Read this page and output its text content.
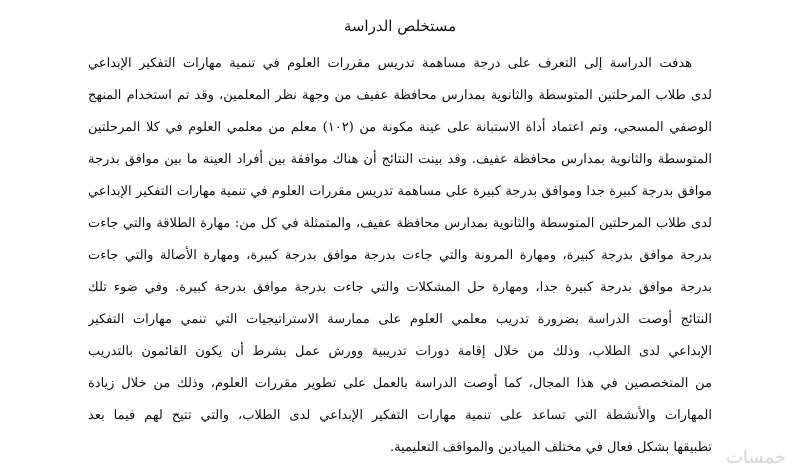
مستخلص الدراسة
هدفت الدراسة إلى التعرف على درجة مساهمة تدريس مقررات العلوم في تنمية مهارات التفكير الإبداعي
لدى طلاب المرحلتين المتوسطة والثانوية بمدارس محافظة عفيف من وجهة نظر المعلمين، وقد تم استخدام المنهج
الوصفي المسحي، وتم اعتماد أداة الاستبانة على عينة مكونة من (١٠٢) معلم من معلمي العلوم في كلا المرحلتين
المتوسطة والثانوية بمدارس محافظة عفيف. وقد بينت النتائج أن هناك موافقة بين أفراد العينة ما بين موافق بدرجة
موافق بدرجة كبيرة جدا وموافق بدرجة كبيرة على مساهمة تدريس مقررات العلوم في تنمية مهارات التفكير الإبداعي
لدى طلاب المرحلتين المتوسطة والثانوية بمدارس محافظة عفيف، والمتمثلة في كل من: مهارة الطلاقة والتي جاءت
بدرجة موافق بدرجة كبيرة، ومهارة المرونة والتي جاءت بدرجة موافق بدرجة كبيرة، ومهارة الأصالة والتي جاءت
بدرجة موافق بدرجة كبيرة جدا، ومهارة حل المشكلات والتي جاءت بدرجة موافق بدرجة كبيرة. وفي ضوء تلك
النتائج أوصت الدراسة بضرورة تدريب معلمي العلوم على ممارسة الاستراتيجيات التي تنمي مهارات التفكير
الإبداعي لدى الطلاب، وذلك من خلال إقامة دورات تدريبية وورش عمل بشرط أن يكون القائمون بالتدريب
من المتخصصين في هذا المجال، كما أوصت الدراسة بالعمل على تطوير مقررات العلوم، وذلك من خلال زيادة
المهارات والأنشطة التي تساعد على تنمية مهارات التفكير الإبداعي لدى الطلاب، والتي تتيح لهم فيما بعد
تطبيقها بشكل فعال في مختلف الميادين والمواقف التعليمية. خمسات
